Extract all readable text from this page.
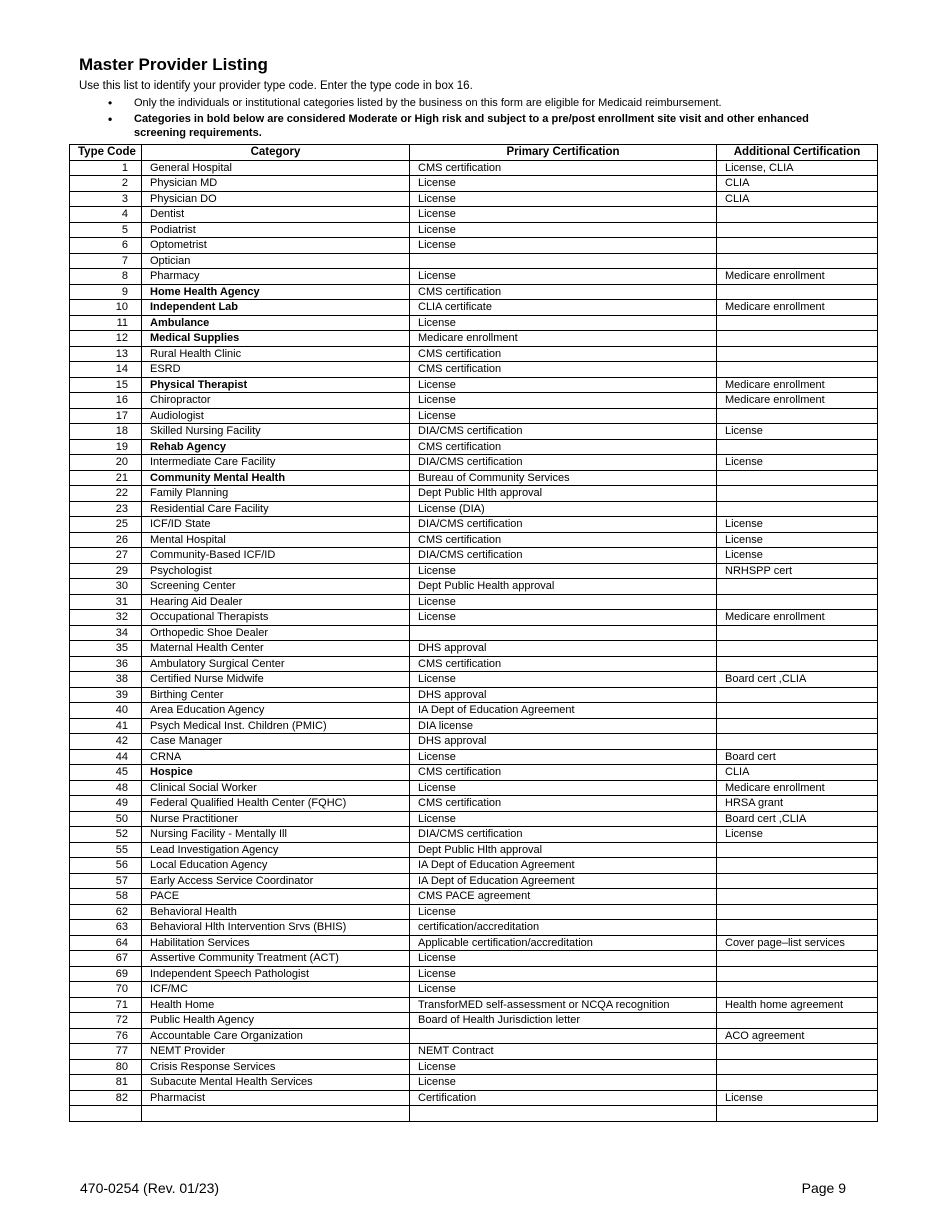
Master Provider Listing

Use this list to identify your provider type code. Enter the type code in box 16.

• Only the individuals or institutional categories listed by the business on this form are eligible for Medicaid reimbursement.
• Categories in bold below are considered Moderate or High risk and subject to a pre/post enrollment site visit and other enhanced screening requirements.
Type Code	Category	Primary Certification	Additional Certification
1	General Hospital	CMS certification	License, CLIA
2	Physician MD	License	CLIA
3	Physician DO	License	CLIA
4	Dentist	License	
5	Podiatrist	License	
6	Optometrist	License	
7	Optician		
8	Pharmacy	License	Medicare enrollment
9	Home Health Agency	CMS certification	
10	Independent Lab	CLIA certificate	Medicare enrollment
11	Ambulance	License	
12	Medical Supplies	Medicare enrollment	
13	Rural Health Clinic	CMS certification	
14	ESRD	CMS certification	
15	Physical Therapist	License	Medicare enrollment
16	Chiropractor	License	Medicare enrollment
17	Audiologist	License	
18	Skilled Nursing Facility	DIA/CMS certification	License
19	Rehab Agency	CMS certification	
20	Intermediate Care Facility	DIA/CMS certification	License
21	Community Mental Health	Bureau of Community Services	
22	Family Planning	Dept Public Hlth approval	
23	Residential Care Facility	License (DIA)	
25	ICF/ID State	DIA/CMS certification	License
26	Mental Hospital	CMS certification	License
27	Community-Based ICF/ID	DIA/CMS certification	License
29	Psychologist	License	NRHSPP cert
30	Screening Center	Dept Public Health approval	
31	Hearing Aid Dealer	License	
32	Occupational Therapists	License	Medicare enrollment
34	Orthopedic Shoe Dealer		
35	Maternal Health Center	DHS approval	
36	Ambulatory Surgical Center	CMS certification	
38	Certified Nurse Midwife	License	Board cert ,CLIA
39	Birthing Center	DHS approval	
40	Area Education Agency	IA Dept of Education Agreement	
41	Psych Medical Inst. Children (PMIC)	DIA license	
42	Case Manager	DHS approval	
44	CRNA	License	Board cert
45	Hospice	CMS certification	CLIA
48	Clinical Social Worker	License	Medicare enrollment
49	Federal Qualified Health Center (FQHC)	CMS certification	HRSA grant
50	Nurse Practitioner	License	Board cert ,CLIA
52	Nursing Facility - Mentally Ill	DIA/CMS certification	License
55	Lead Investigation Agency	Dept Public Hlth approval	
56	Local Education Agency	IA Dept of Education Agreement	
57	Early Access Service Coordinator	IA Dept of Education Agreement	
58	PACE	CMS PACE agreement	
62	Behavioral Health	License	
63	Behavioral Hlth Intervention Srvs (BHIS)	certification/accreditation	
64	Habilitation Services	Applicable certification/accreditation	Cover page–list services
67	Assertive Community Treatment (ACT)	License	
69	Independent Speech Pathologist	License	
70	ICF/MC	License	
71	Health Home	TransforMED self-assessment or NCQA recognition	Health home agreement
72	Public Health Agency	Board of Health Jurisdiction letter	
76	Accountable Care Organization		ACO agreement
77	NEMT Provider	NEMT Contract	
80	Crisis Response Services	License	
81	Subacute Mental Health Services	License	
82	Pharmacist	Certification	License

470-0254 (Rev. 01/23)	Page 9
